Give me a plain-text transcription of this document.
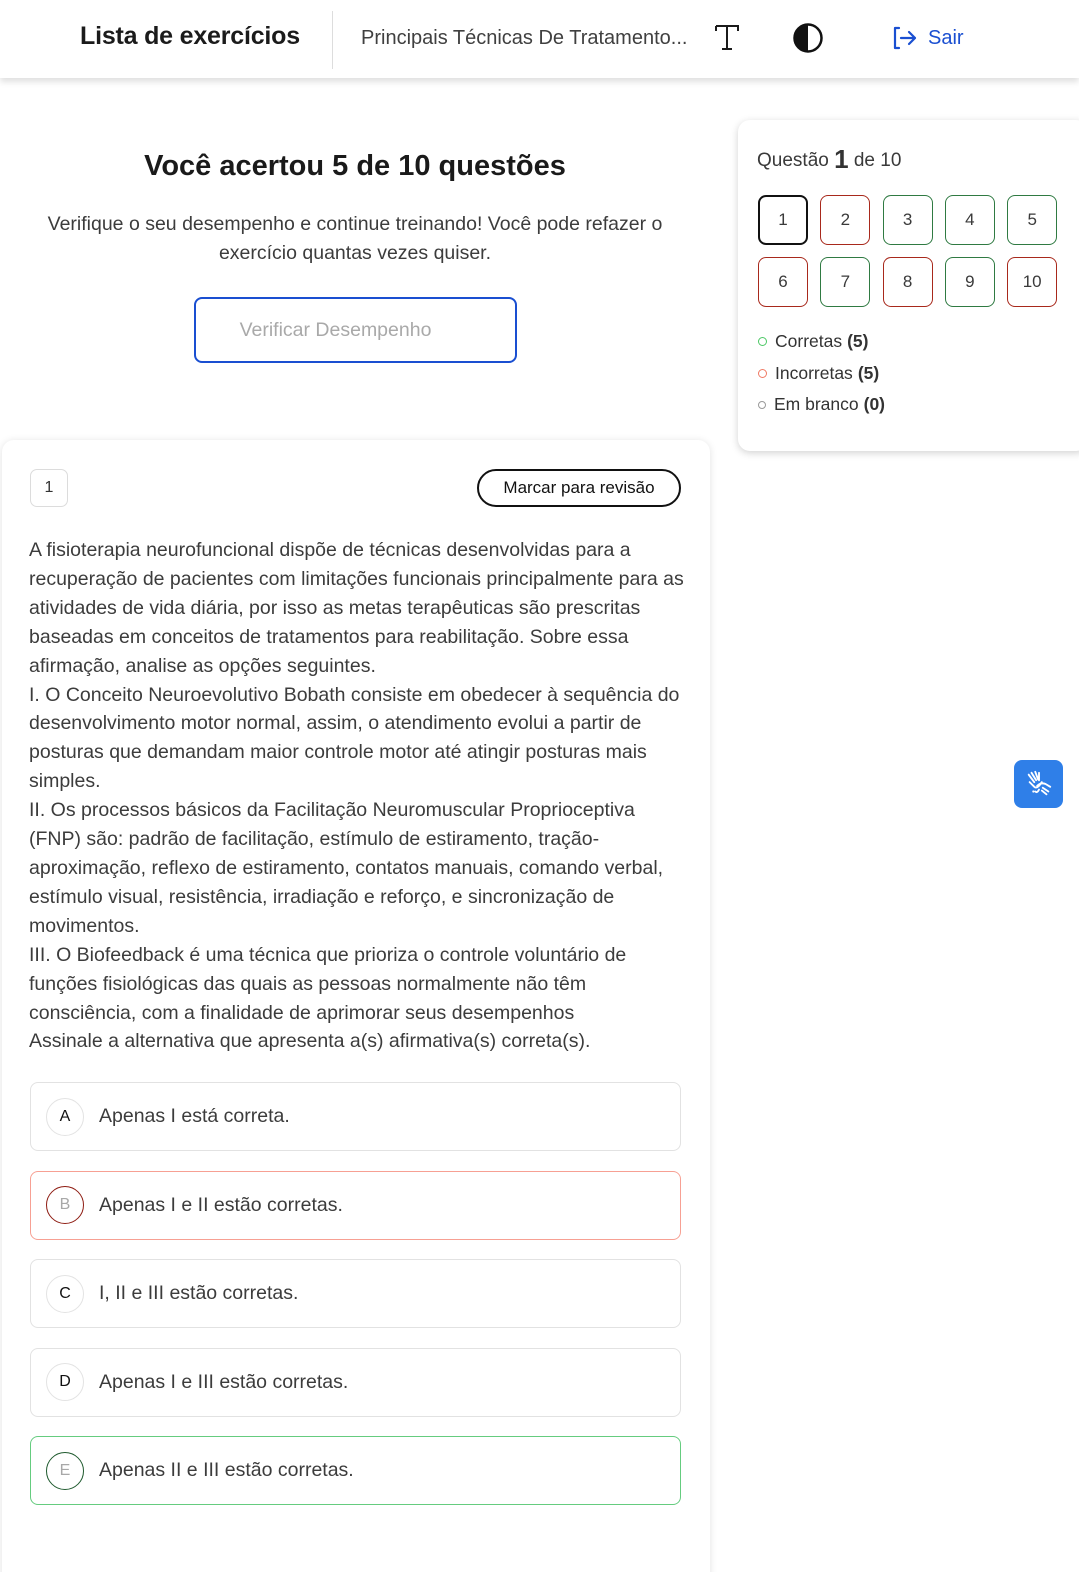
Lista de exercícios	Principais Técnicas De Tratamento...	Sair
Você acertou 5 de 10 questões
Verifique o seu desempenho e continue treinando! Você pode refazer o exercício quantas vezes quiser.
Verificar Desempenho
Questão 1 de 10
1	2	3	4	5
6	7	8	9	10
Corretas (5)
Incorretas (5)
Em branco (0)
1	Marcar para revisão

A fisioterapia neurofuncional dispõe de técnicas desenvolvidas para a recuperação de pacientes com limitações funcionais principalmente para as atividades de vida diária, por isso as metas terapêuticas são prescritas baseadas em conceitos de tratamentos para reabilitação. Sobre essa afirmação, analise as opções seguintes.

I. O Conceito Neuroevolutivo Bobath consiste em obedecer à sequência do desenvolvimento motor normal, assim, o atendimento evolui a partir de posturas que demandam maior controle motor até atingir posturas mais simples.

II. Os processos básicos da Facilitação Neuromuscular Proprioceptiva (FNP) são: padrão de facilitação, estímulo de estiramento, tração-aproximação, reflexo de estiramento, contatos manuais, comando verbal, estímulo visual, resistência, irradiação e reforço, e sincronização de movimentos.

III. O Biofeedback é uma técnica que prioriza o controle voluntário de funções fisiológicas das quais as pessoas normalmente não têm consciência, com a finalidade de aprimorar seus desempenhos

Assinale a alternativa que apresenta a(s) afirmativa(s) correta(s).

A	Apenas I está correta.
B	Apenas I e II estão corretas.
C	I, II e III estão corretas.
D	Apenas I e III estão corretas.
E	Apenas II e III estão corretas.
